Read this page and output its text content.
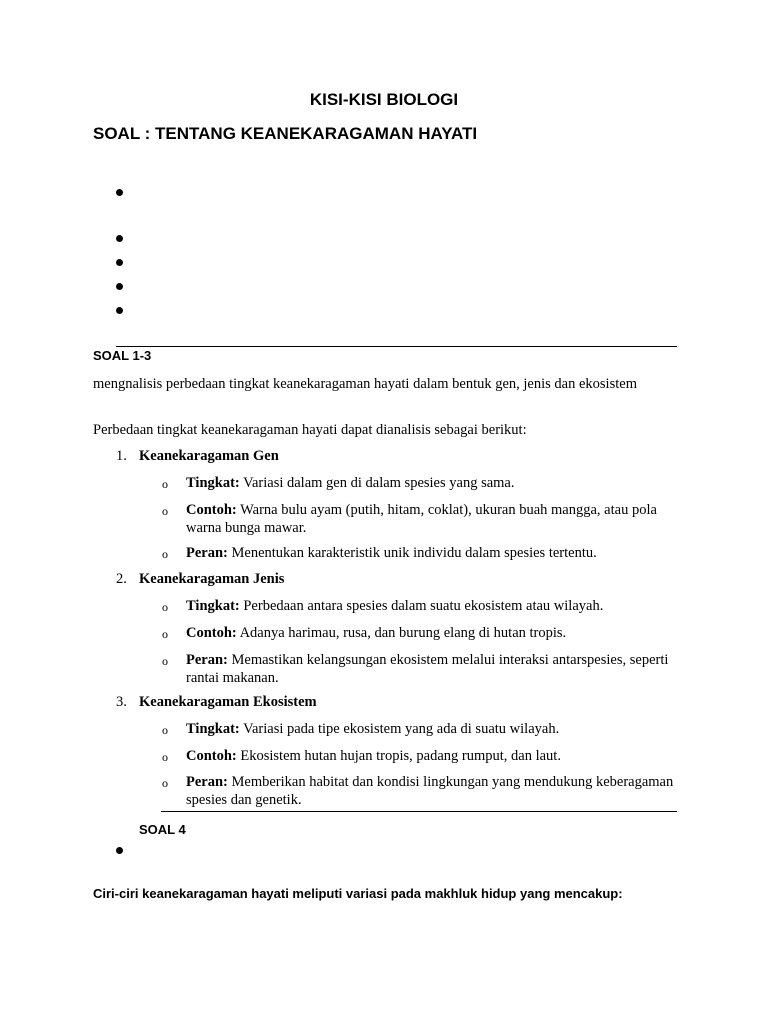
KISI-KISI BIOLOGI
SOAL : TENTANG KEANEKARAGAMAN HAYATI
SOAL 1-3
mengnalisis perbedaan tingkat keanekaragaman hayati dalam bentuk gen, jenis dan ekosistem
Perbedaan tingkat keanekaragaman hayati dapat dianalisis sebagai berikut:
1. Keanekaragaman Gen
o Tingkat: Variasi dalam gen di dalam spesies yang sama.
o Contoh: Warna bulu ayam (putih, hitam, coklat), ukuran buah mangga, atau pola warna bunga mawar.
o Peran: Menentukan karakteristik unik individu dalam spesies tertentu.
2. Keanekaragaman Jenis
o Tingkat: Perbedaan antara spesies dalam suatu ekosistem atau wilayah.
o Contoh: Adanya harimau, rusa, dan burung elang di hutan tropis.
o Peran: Memastikan kelangsungan ekosistem melalui interaksi antarspesies, seperti rantai makanan.
3. Keanekaragaman Ekosistem
o Tingkat: Variasi pada tipe ekosistem yang ada di suatu wilayah.
o Contoh: Ekosistem hutan hujan tropis, padang rumput, dan laut.
o Peran: Memberikan habitat dan kondisi lingkungan yang mendukung keberagaman spesies dan genetik.
SOAL 4
Ciri-ciri keanekaragaman hayati meliputi variasi pada makhluk hidup yang mencakup:
